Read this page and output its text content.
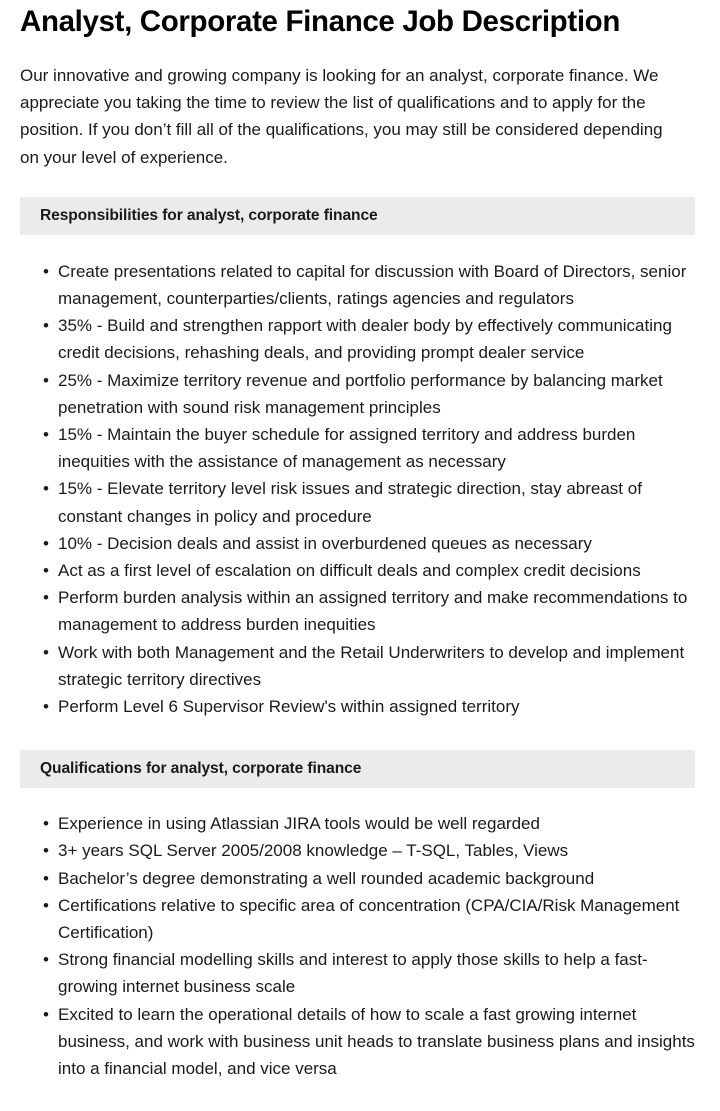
Analyst, Corporate Finance Job Description

Our innovative and growing company is looking for an analyst, corporate finance. We appreciate you taking the time to review the list of qualifications and to apply for the position. If you don’t fill all of the qualifications, you may still be considered depending on your level of experience.

Responsibilities for analyst, corporate finance
• Create presentations related to capital for discussion with Board of Directors, senior management, counterparties/clients, ratings agencies and regulators
• 35% - Build and strengthen rapport with dealer body by effectively communicating credit decisions, rehashing deals, and providing prompt dealer service
• 25% - Maximize territory revenue and portfolio performance by balancing market penetration with sound risk management principles
• 15% - Maintain the buyer schedule for assigned territory and address burden inequities with the assistance of management as necessary
• 15% - Elevate territory level risk issues and strategic direction, stay abreast of constant changes in policy and procedure
• 10% - Decision deals and assist in overburdened queues as necessary
• Act as a first level of escalation on difficult deals and complex credit decisions
• Perform burden analysis within an assigned territory and make recommendations to management to address burden inequities
• Work with both Management and the Retail Underwriters to develop and implement strategic territory directives
• Perform Level 6 Supervisor Review's within assigned territory
Qualifications for analyst, corporate finance
• Experience in using Atlassian JIRA tools would be well regarded
• 3+ years SQL Server 2005/2008 knowledge – T-SQL, Tables, Views
• Bachelor’s degree demonstrating a well rounded academic background
• Certifications relative to specific area of concentration (CPA/CIA/Risk Management Certification)
• Strong financial modelling skills and interest to apply those skills to help a fast-growing internet business scale
• Excited to learn the operational details of how to scale a fast growing internet business, and work with business unit heads to translate business plans and insights into a financial model, and vice versa
